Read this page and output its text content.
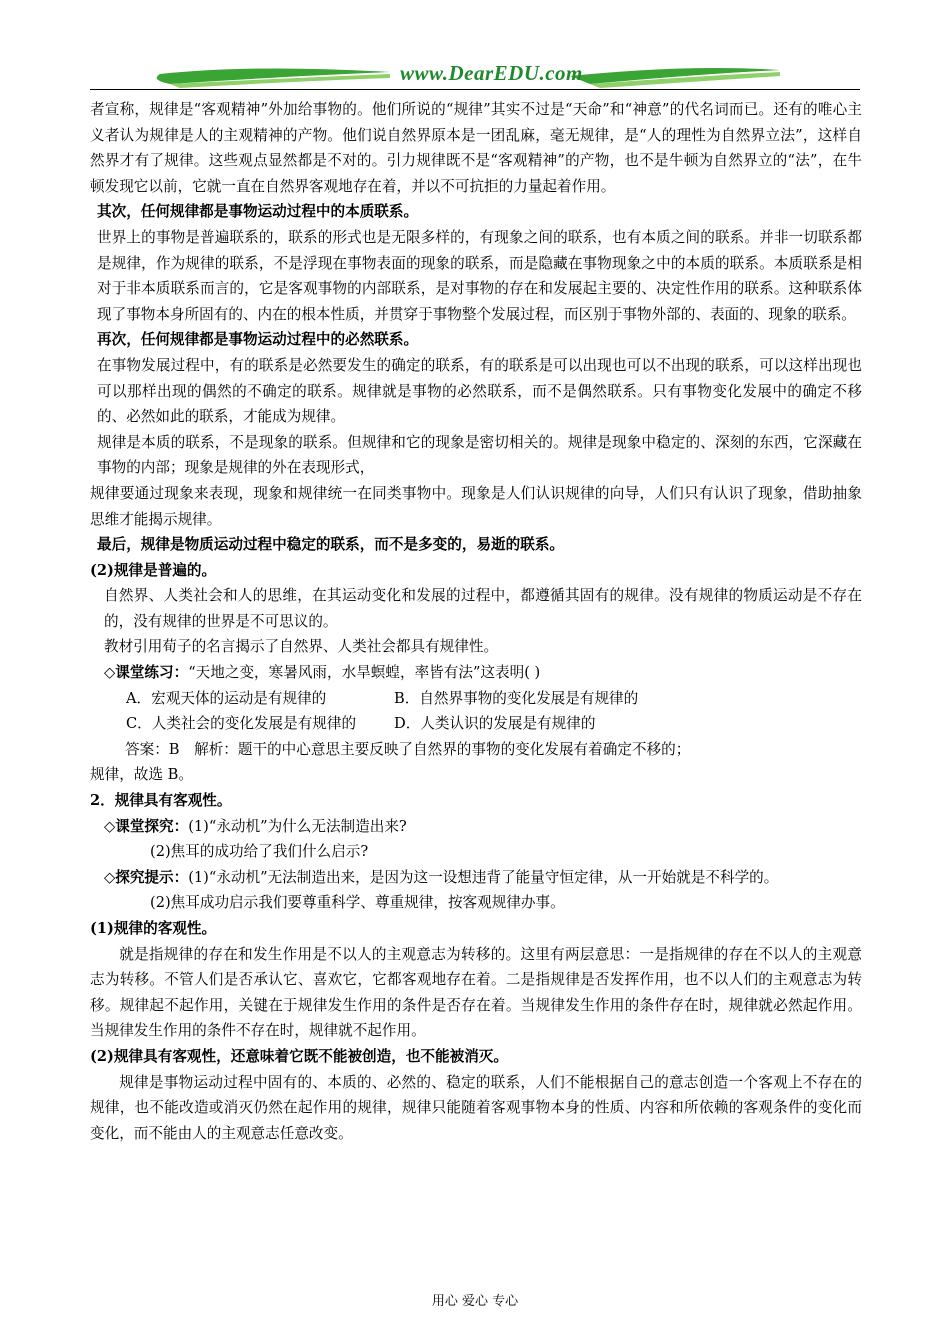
www.DearEDU.com

者宣称，规律是“客观精神”外加给事物的。他们所说的“规律”其实不过是“天命”和“神意”的代名词而已。还有的唯心主义者认为规律是人的主观精神的产物。他们说自然界原本是一团乱麻，毫无规律，是“人的理性为自然界立法”，这样自然界才有了规律。这些观点显然都是不对的。引力规律既不是“客观精神”的产物，也不是牛顿为自然界立的“法”，在牛顿发现它以前，它就一直在自然界客观地存在着，并以不可抗拒的力量起着作用。

其次，任何规律都是事物运动过程中的本质联系。

世界上的事物是普遍联系的，联系的形式也是无限多样的，有现象之间的联系，也有本质之间的联系。并非一切联系都是规律，作为规律的联系，不是浮现在事物表面的现象的联系，而是隐藏在事物现象之中的本质的联系。本质联系是相对于非本质联系而言的，它是客观事物的内部联系，是对事物的存在和发展起主要的、决定性作用的联系。这种联系体现了事物本身所固有的、内在的根本性质，并贯穿于事物整个发展过程，而区别于事物外部的、表面的、现象的联系。

再次，任何规律都是事物运动过程中的必然联系。

在事物发展过程中，有的联系是必然要发生的确定的联系，有的联系是可以出现也可以不出现的联系，可以这样出现也可以那样出现的偶然的不确定的联系。规律就是事物的必然联系，而不是偶然联系。只有事物变化发展中的确定不移的、必然如此的联系，才能成为规律。

规律是本质的联系，不是现象的联系。但规律和它的现象是密切相关的。规律是现象中稳定的、深刻的东西，它深藏在事物的内部；现象是规律的外在表现形式，

规律要通过现象来表现，现象和规律统一在同类事物中。现象是人们认识规律的向导，人们只有认识了现象，借助抽象思维才能揭示规律。

最后，规律是物质运动过程中稳定的联系，而不是多变的，易逝的联系。

(2)规律是普遍的。

自然界、人类社会和人的思维，在其运动变化和发展的过程中，都遵循其固有的规律。没有规律的物质运动是不存在的，没有规律的世界是不可思议的。

教材引用荀子的名言揭示了自然界、人类社会都具有规律性。

◇课堂练习：“天地之变，寒暑风雨，水旱螟蝗，率皆有法”这表明( )

A．宏观天体的运动是有规律的	B．自然界事物的变化发展是有规律的
C．人类社会的变化发展是有规律的	D．人类认识的发展是有规律的

答案：B　解析：题干的中心意思主要反映了自然界的事物的变化发展有着确定不移的；

规律，故选 B。

2．规律具有客观性。

◇课堂探究：(1)“永动机”为什么无法制造出来?

(2)焦耳的成功给了我们什么启示?

◇探究提示：(1)“永动机”无法制造出来，是因为这一设想违背了能量守恒定律，从一开始就是不科学的。

(2)焦耳成功启示我们要尊重科学、尊重规律，按客观规律办事。

(1)规律的客观性。

就是指规律的存在和发生作用是不以人的主观意志为转移的。这里有两层意思：一是指规律的存在不以人的主观意志为转移。不管人们是否承认它、喜欢它，它都客观地存在着。二是指规律是否发挥作用，也不以人们的主观意志为转移。规律起不起作用，关键在于规律发生作用的条件是否存在着。当规律发生作用的条件存在时，规律就必然起作用。当规律发生作用的条件不存在时，规律就不起作用。

(2)规律具有客观性，还意味着它既不能被创造，也不能被消灭。

规律是事物运动过程中固有的、本质的、必然的、稳定的联系，人们不能根据自己的意志创造一个客观上不存在的规律，也不能改造或消灭仍然在起作用的规律，规律只能随着客观事物本身的性质、内容和所依赖的客观条件的变化而变化，而不能由人的主观意志任意改变。

用心 爱心 专心
